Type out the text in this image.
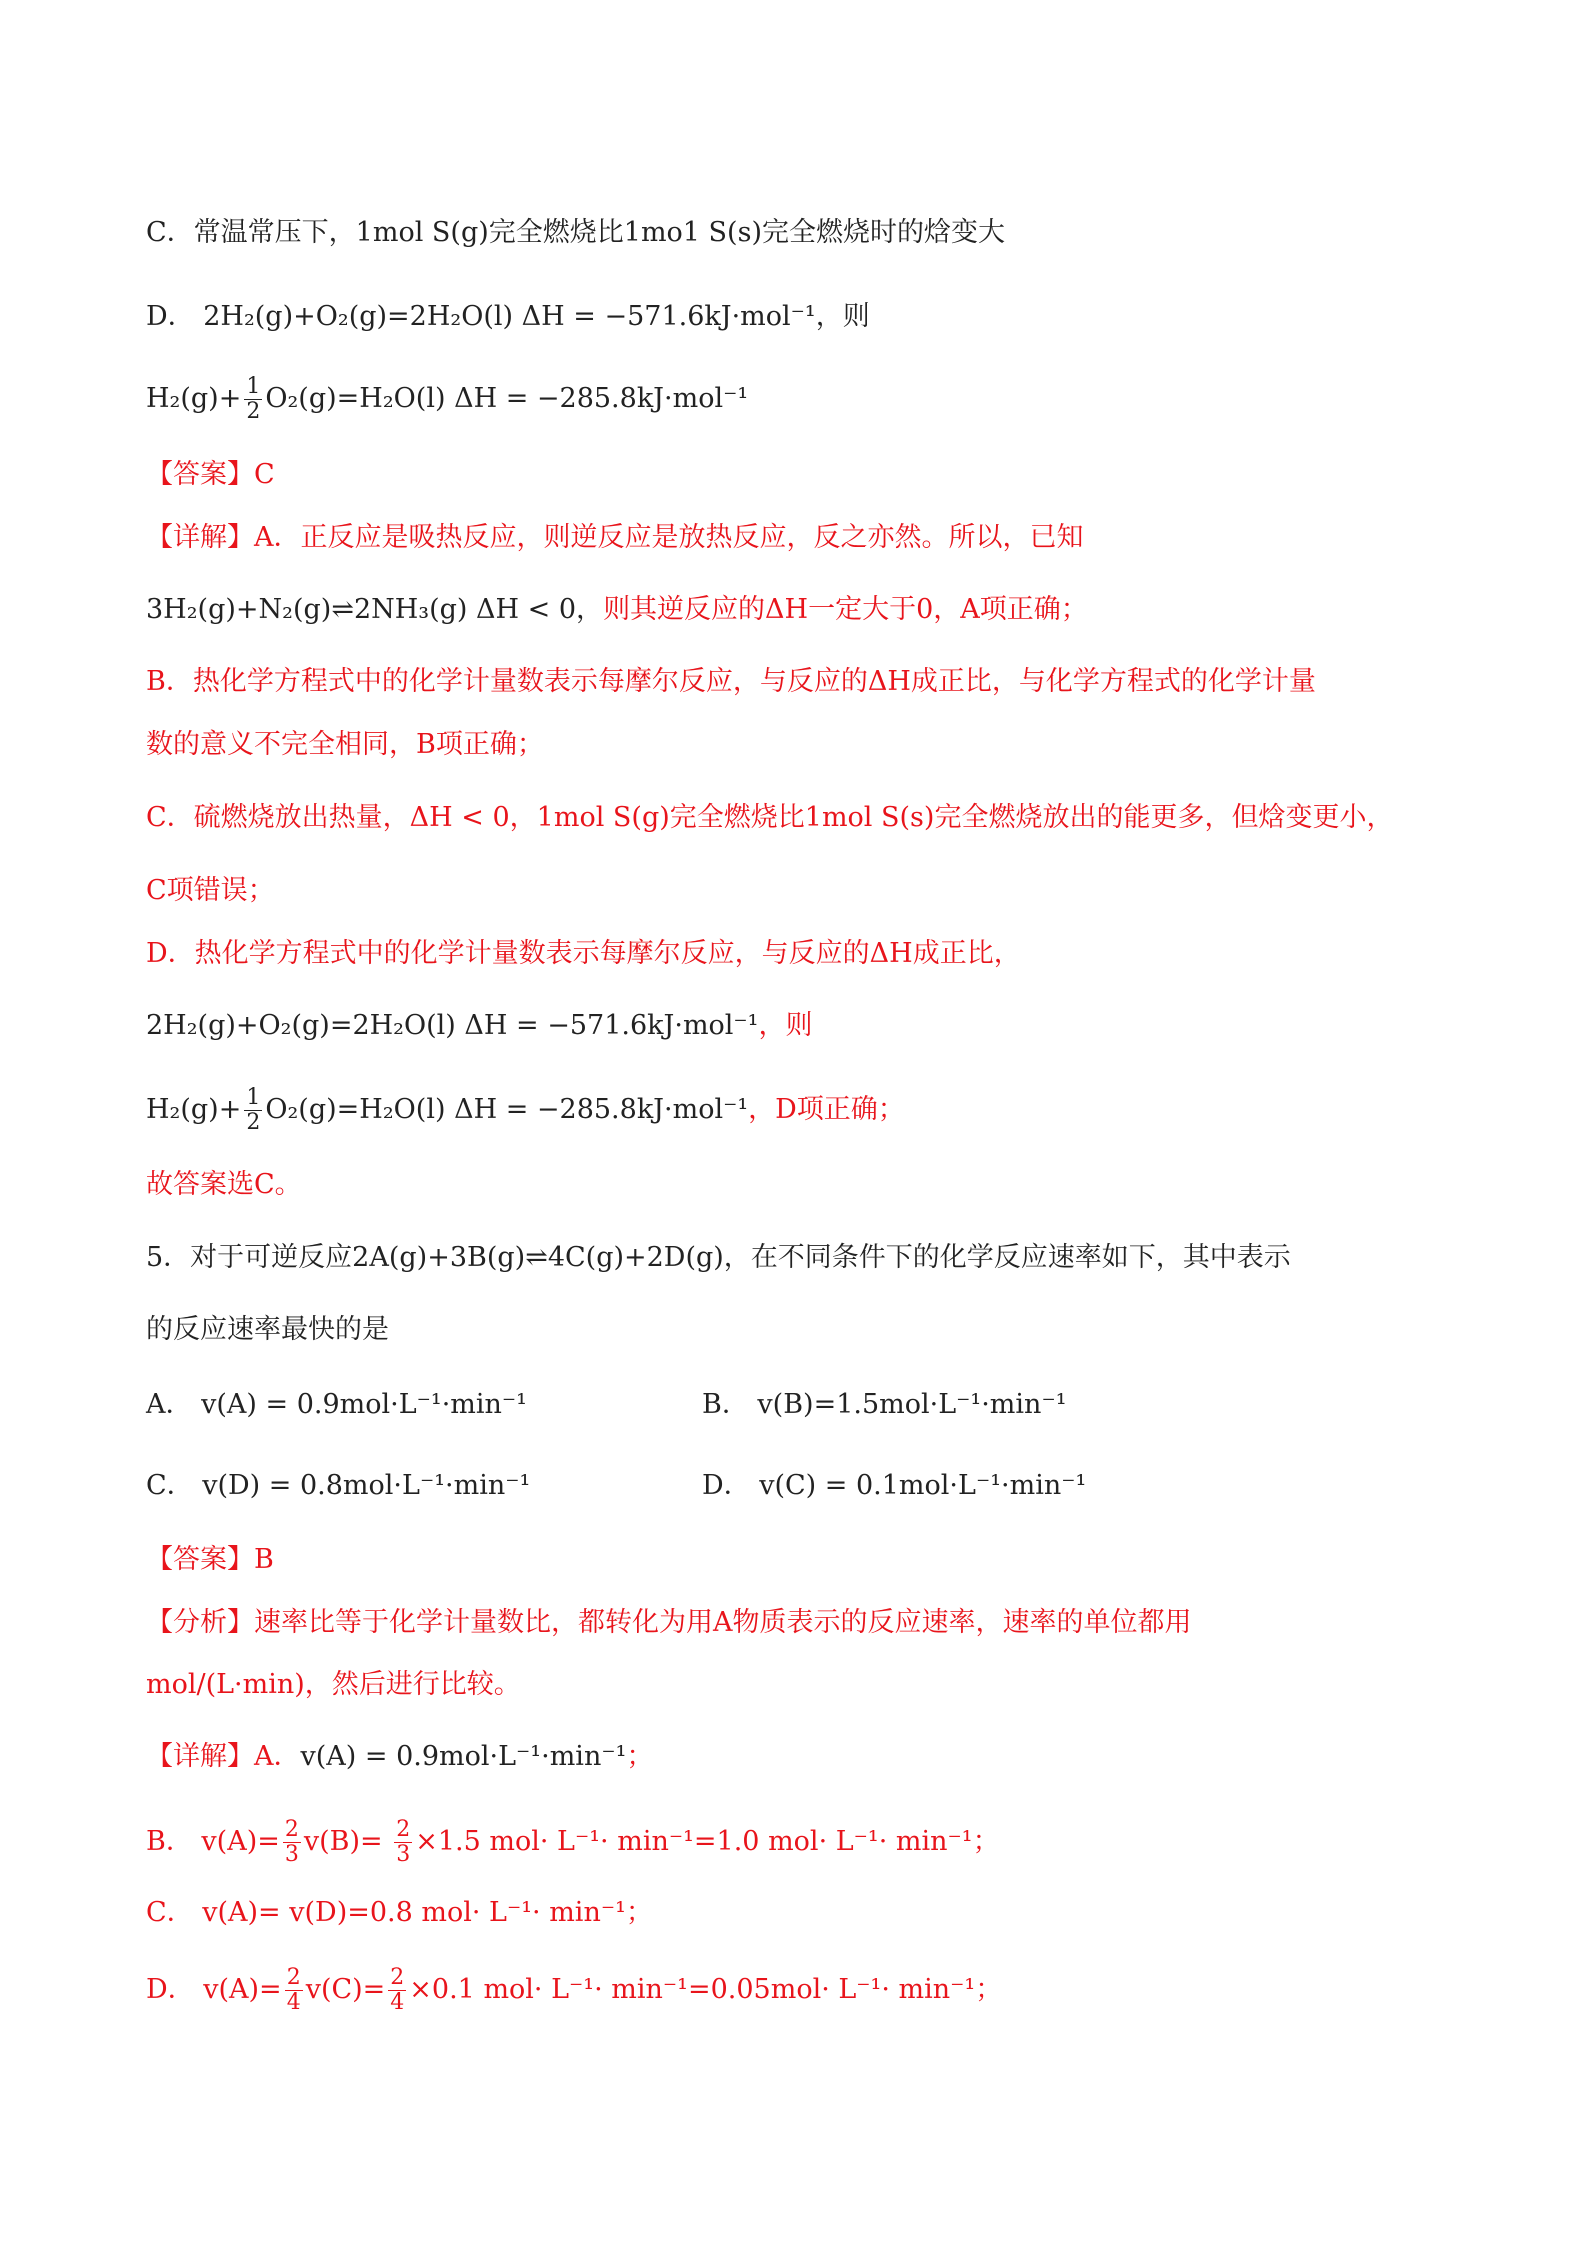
C．常温常压下，1mol S(g)完全燃烧比1mo1 S(s)完全燃烧时的焓变大
D． 2H₂(g)+O₂(g)=2H₂O(l) ΔH = −571.6kJ·mol⁻¹，则
$H_2(g)+ \frac{1}{2} O_2(g)=H_2O(l) \Delta H = -285.8kJ\cdot mol^{-1}$
【答案】C
【详解】A．正反应是吸热反应，则逆反应是放热反应，反之亦然。所以，已知
3H₂(g)+N₂(g)⇌2NH₃(g) ΔH < 0，则其逆反应的ΔH一定大于0，A项正确；
B．热化学方程式中的化学计量数表示每摩尔反应，与反应的ΔH成正比，与化学方程式的化学计量
数的意义不完全相同，B项正确；
C．硫燃烧放出热量，ΔH < 0，1mol S(g)完全燃烧比1mol S(s)完全燃烧放出的能更多，但焓变更小，
C项错误；
D．热化学方程式中的化学计量数表示每摩尔反应，与反应的ΔH成正比，
2H₂(g)+O₂(g)=2H₂O(l) ΔH = −571.6kJ·mol⁻¹，则
$H_2(g)+ \frac{1}{2} O_2(g)=H_2O(l) \Delta H = -285.8kJ\cdot mol^{-1}$，D项正确；
故答案选C。
5．对于可逆反应2A(g)+3B(g)⇌4C(g)+2D(g)，在不同条件下的化学反应速率如下，其中表示
的反应速率最快的是
A． v(A) = 0.9mol·L⁻¹·min⁻¹	B． v(B)=1.5mol·L⁻¹·min⁻¹
C． v(D) = 0.8mol·L⁻¹·min⁻¹	D． v(C) = 0.1mol·L⁻¹·min⁻¹
【答案】B
【分析】速率比等于化学计量数比，都转化为用A物质表示的反应速率，速率的单位都用
mol/(L·min)，然后进行比较。
【详解】A．v(A) = 0.9mol·L⁻¹·min⁻¹；
B． $v(A)= \frac{2}{3} v(B)= \frac{2}{3} \times 1.5$ mol· L⁻¹· min⁻¹=1.0 mol· L⁻¹· min⁻¹；
C． v(A)= v(D)=0.8 mol· L⁻¹· min⁻¹；
D． $v(A)= \frac{2}{4} v(C)= \frac{2}{4} \times 0.1$ mol· L⁻¹· min⁻¹=0.05mol· L⁻¹· min⁻¹；
